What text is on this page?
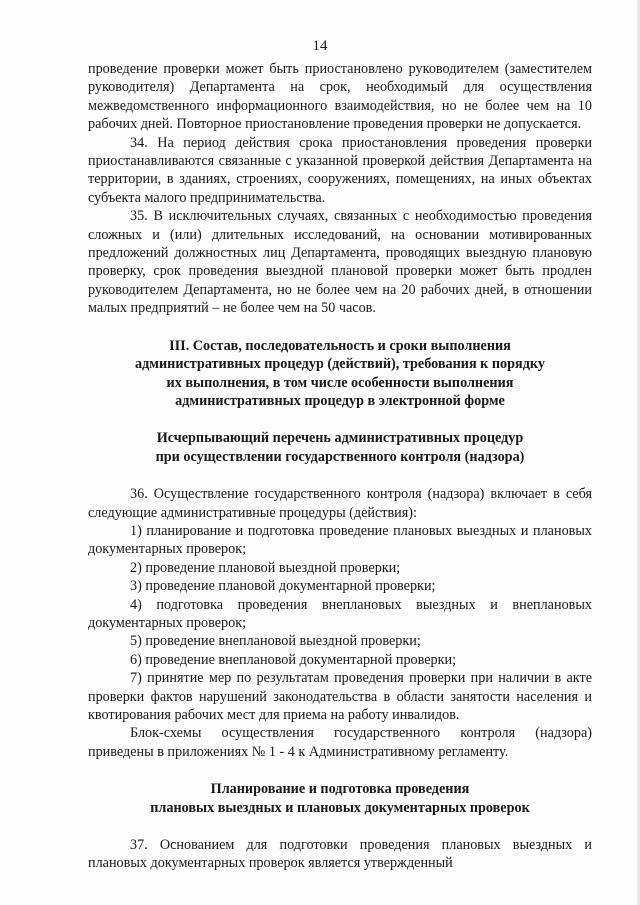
14

проведение проверки может быть приостановлено руководителем (заместителем руководителя) Департамента на срок, необходимый для осуществления межведомственного информационного взаимодействия, но не более чем на 10 рабочих дней. Повторное приостановление проведения проверки не допускается.

34. На период действия срока приостановления проведения проверки приостанавливаются связанные с указанной проверкой действия Департамента на территории, в зданиях, строениях, сооружениях, помещениях, на иных объектах субъекта малого предпринимательства.

35. В исключительных случаях, связанных с необходимостью проведения сложных и (или) длительных исследований, на основании мотивированных предложений должностных лиц Департамента, проводящих выездную плановую проверку, срок проведения выездной плановой проверки может быть продлен руководителем Департамента, но не более чем на 20 рабочих дней, в отношении малых предприятий – не более чем на 50 часов.

III. Состав, последовательность и сроки выполнения
административных процедур (действий), требования к порядку
их выполнения, в том числе особенности выполнения
административных процедур в электронной форме
Исчерпывающий перечень административных процедур
при осуществлении государственного контроля (надзора)

36. Осуществление государственного контроля (надзора) включает в себя следующие административные процедуры (действия):

1) планирование и подготовка проведение плановых выездных и плановых документарных проверок;

2) проведение плановой выездной проверки;

3) проведение плановой документарной проверки;

4) подготовка проведения внеплановых выездных и внеплановых документарных проверок;

5) проведение внеплановой выездной проверки;

6) проведение внеплановой документарной проверки;

7) принятие мер по результатам проведения проверки при наличии в акте проверки фактов нарушений законодательства в области занятости населения и квотирования рабочих мест для приема на работу инвалидов.

Блок-схемы осуществления государственного контроля (надзора) приведены в приложениях № 1 - 4 к Административному регламенту.

Планирование и подготовка проведения
плановых выездных и плановых документарных проверок

37. Основанием для подготовки проведения плановых выездных и плановых документарных проверок является утвержденный
